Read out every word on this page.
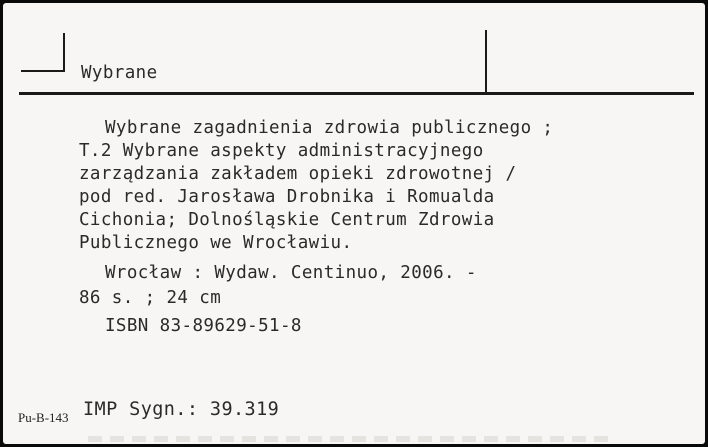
Wybrane

Wybrane zagadnienia zdrowia publicznego ;

T.2 Wybrane aspekty administracyjnego

zarządzania zakładem opieki zdrowotnej /

pod red. Jarosława Drobnika i Romualda

Cichonia; Dolnośląskie Centrum Zdrowia

Publicznego we Wrocławiu.

Wrocław : Wydaw. Centinuo, 2006. -

86 s. ; 24 cm

ISBN 83-89629-51-8

Pu-B-143 IMP Sygn.: 39.319
